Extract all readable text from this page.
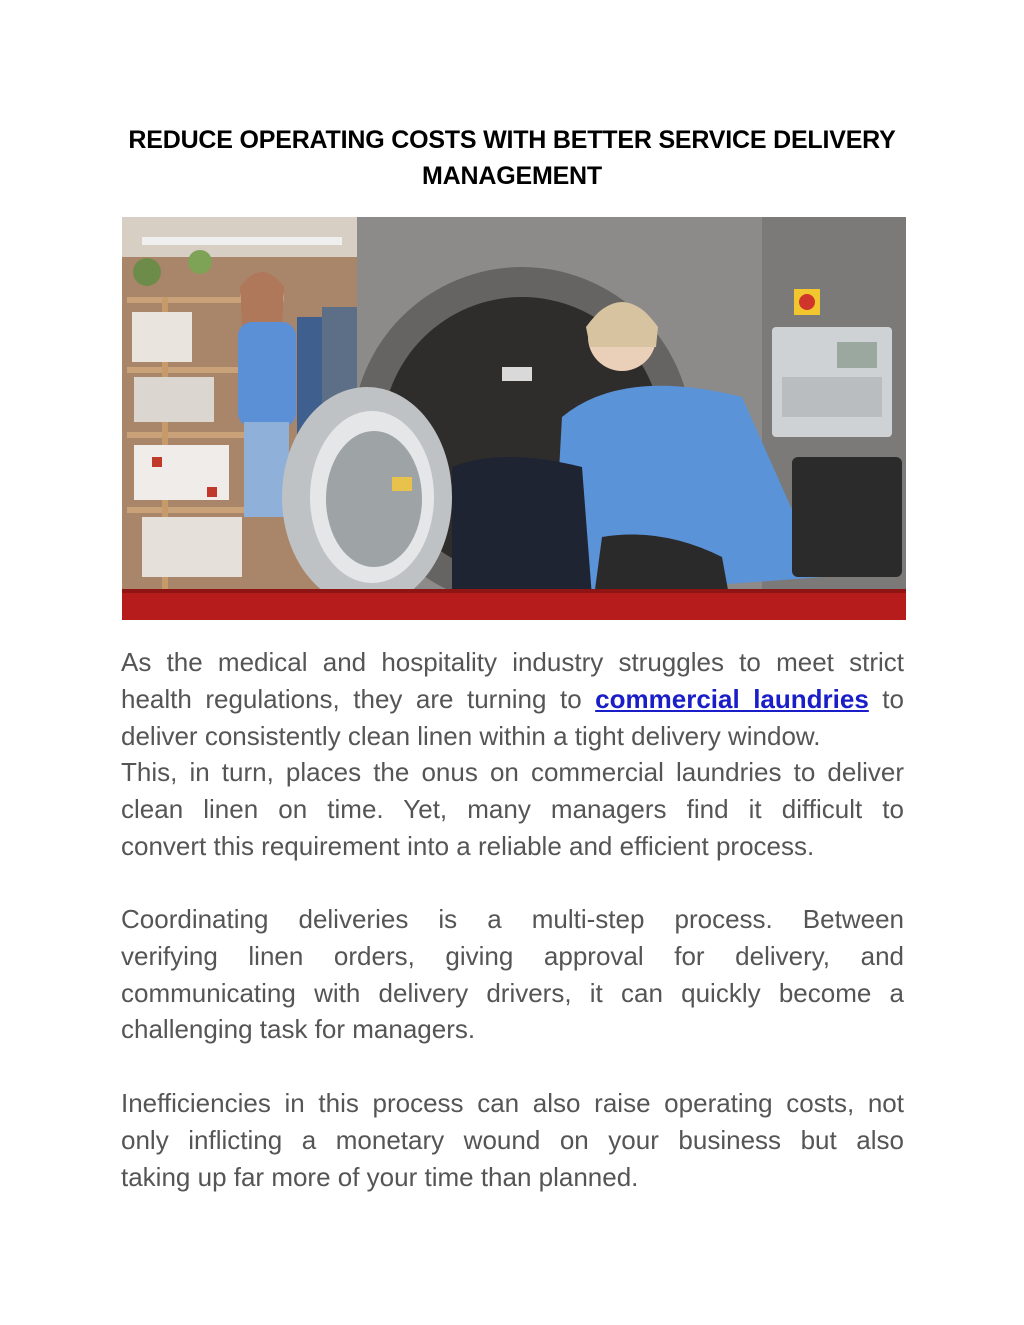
REDUCE OPERATING COSTS WITH BETTER SERVICE DELIVERY
MANAGEMENT
As the medical and hospitality industry struggles to meet strict
health regulations, they are turning to commercial laundries to
deliver consistently clean linen within a tight delivery window.
This, in turn, places the onus on commercial laundries to deliver
clean linen on time. Yet, many managers find it difficult to
convert this requirement into a reliable and efficient process.
Coordinating deliveries is a multi-step process. Between
verifying linen orders, giving approval for delivery, and
communicating with delivery drivers, it can quickly become a
challenging task for managers.
Inefficiencies in this process can also raise operating costs, not
only inflicting a monetary wound on your business but also
taking up far more of your time than planned.
